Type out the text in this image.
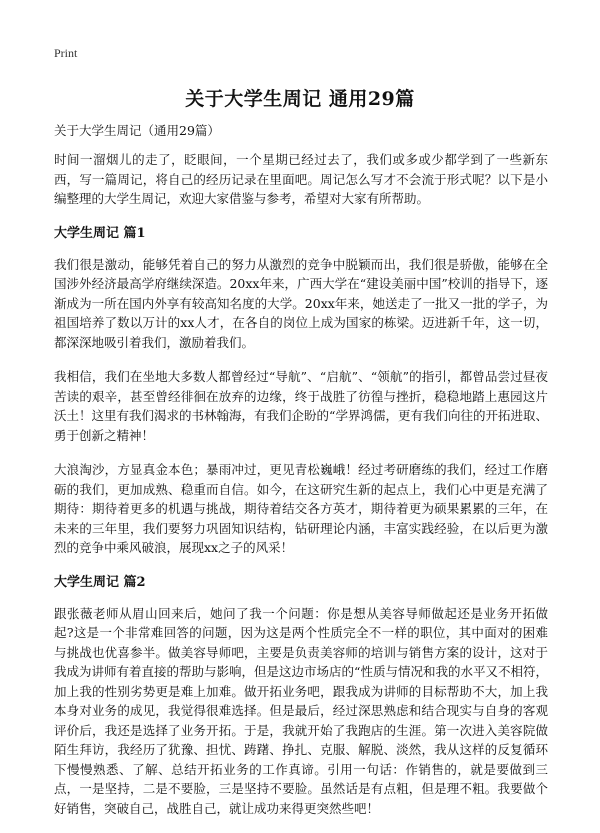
Print
关于大学生周记 通用29篇

关于大学生周记（通用29篇）

时间一溜烟儿的走了，眨眼间，一个星期已经过去了，我们或多或少都学到了一些新东西，写一篇周记，将自己的经历记录在里面吧。周记怎么写才不会流于形式呢？以下是小编整理的大学生周记，欢迎大家借鉴与参考，希望对大家有所帮助。

大学生周记 篇1

我们很是激动，能够凭着自己的努力从激烈的竞争中脱颖而出，我们很是骄傲，能够在全国涉外经济最高学府继续深造。20xx年来，广西大学在“建设美丽中国”校训的指导下，逐渐成为一所在国内外享有较高知名度的大学。20xx年来，她送走了一批又一批的学子，为祖国培养了数以万计的xx人才，在各自的岗位上成为国家的栋梁。迈进新千年，这一切，都深深地吸引着我们，激励着我们。

我相信，我们在坐地大多数人都曾经过“导航”、“启航”、“领航”的指引，都曾品尝过昼夜苦读的艰辛，甚至曾经徘徊在放弃的边缘，终于战胜了彷徨与挫折，稳稳地踏上惠园这片沃土！这里有我们渴求的书林翰海，有我们企盼的“学界鸿儒，更有我们向往的开拓进取、勇于创新之精神！

大浪淘沙，方显真金本色；暴雨冲过，更见青松巍峨！经过考研磨练的我们，经过工作磨砺的我们，更加成熟、稳重而自信。如今，在这研究生新的起点上，我们心中更是充满了期待：期待着更多的机遇与挑战，期待着结交各方英才，期待着更为硕果累累的三年，在未来的三年里，我们要努力巩固知识结构，钻研理论内涵，丰富实践经验，在以后更为激烈的竞争中乘风破浪，展现xx之子的风采！

大学生周记 篇2

跟张薇老师从眉山回来后，她问了我一个问题：你是想从美容导师做起还是业务开拓做起?这是一个非常难回答的问题，因为这是两个性质完全不一样的职位，其中面对的困难与挑战也优喜参半。做美容导师吧，主要是负责美容师的培训与销售方案的设计，这对于我成为讲师有着直接的帮助与影响，但是这边市场店的“性质与情况和我的水平又不相符，加上我的性别劣势更是难上加难。做开拓业务吧，跟我成为讲师的目标帮助不大，加上我本身对业务的成见，我觉得很难选择。但是最后，经过深思熟虑和结合现实与自身的客观评价后，我还是选择了业务开拓。于是，我就开始了我跑店的生涯。第一次进入美容院做陌生拜访，我经历了犹豫、担忧、踌躇、挣扎、克服、解脱、淡然，我从这样的反复循环下慢慢熟悉、了解、总结开拓业务的工作真谛。引用一句话：作销售的，就是要做到三点，一是坚持，二是不要脸，三是坚持不要脸。虽然话是有点粗，但是理不粗。我要做个好销售，突破自己，战胜自己，就让成功来得更突然些吧！
